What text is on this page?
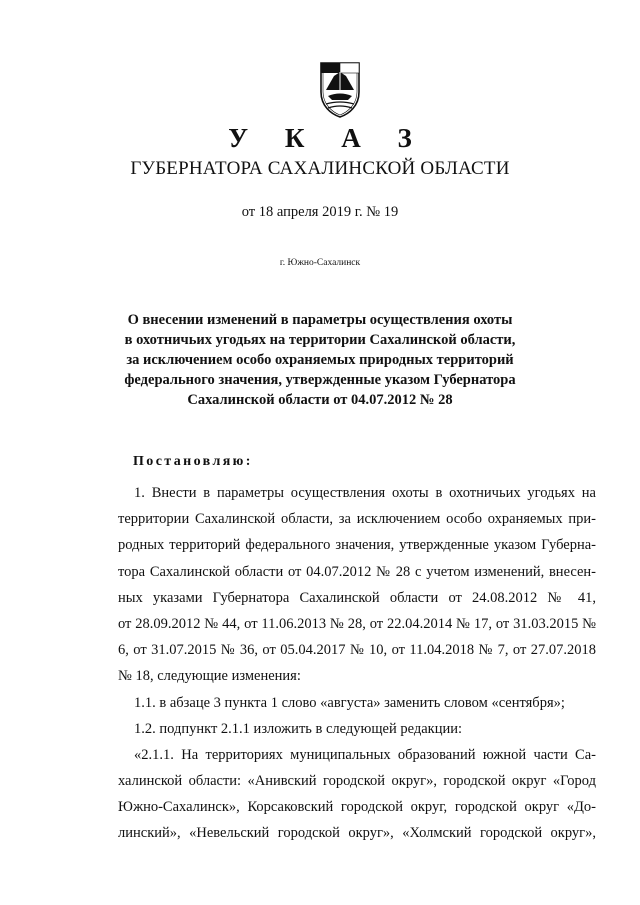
У К А З
ГУБЕРНАТОРА САХАЛИНСКОЙ ОБЛАСТИ
от 18 апреля 2019 г. № 19
г. Южно-Сахалинск
О внесении изменений в параметры осуществления охоты
в охотничьих угодьях на территории Сахалинской области,
за исключением особо охраняемых природных территорий
федерального значения, утвержденные указом Губернатора
Сахалинской области от 04.07.2012 № 28
Постановляю:
1. Внести в параметры осуществления охоты в охотничьих угодьях на
территории Сахалинской области, за исключением особо охраняемых при-
родных территорий федерального значения, утвержденные указом Губерна-
тора Сахалинской области от 04.07.2012 № 28 с учетом изменений, внесен-
ных указами Губернатора Сахалинской области от 24.08.2012 № 41,
от 28.09.2012 № 44, от 11.06.2013 № 28, от 22.04.2014 № 17, от 31.03.2015 №
6, от 31.07.2015 № 36, от 05.04.2017 № 10, от 11.04.2018 № 7, от 27.07.2018
№ 18, следующие изменения:
1.1. в абзаце 3 пункта 1 слово «августа» заменить словом «сентября»;
1.2. подпункт 2.1.1 изложить в следующей редакции:
«2.1.1. На территориях муниципальных образований южной части Са-
халинской области: «Анивский городской округ», городской округ «Город
Южно-Сахалинск», Корсаковский городской округ, городской округ «До-
линский», «Невельский городской округ», «Холмский городской округ»,
